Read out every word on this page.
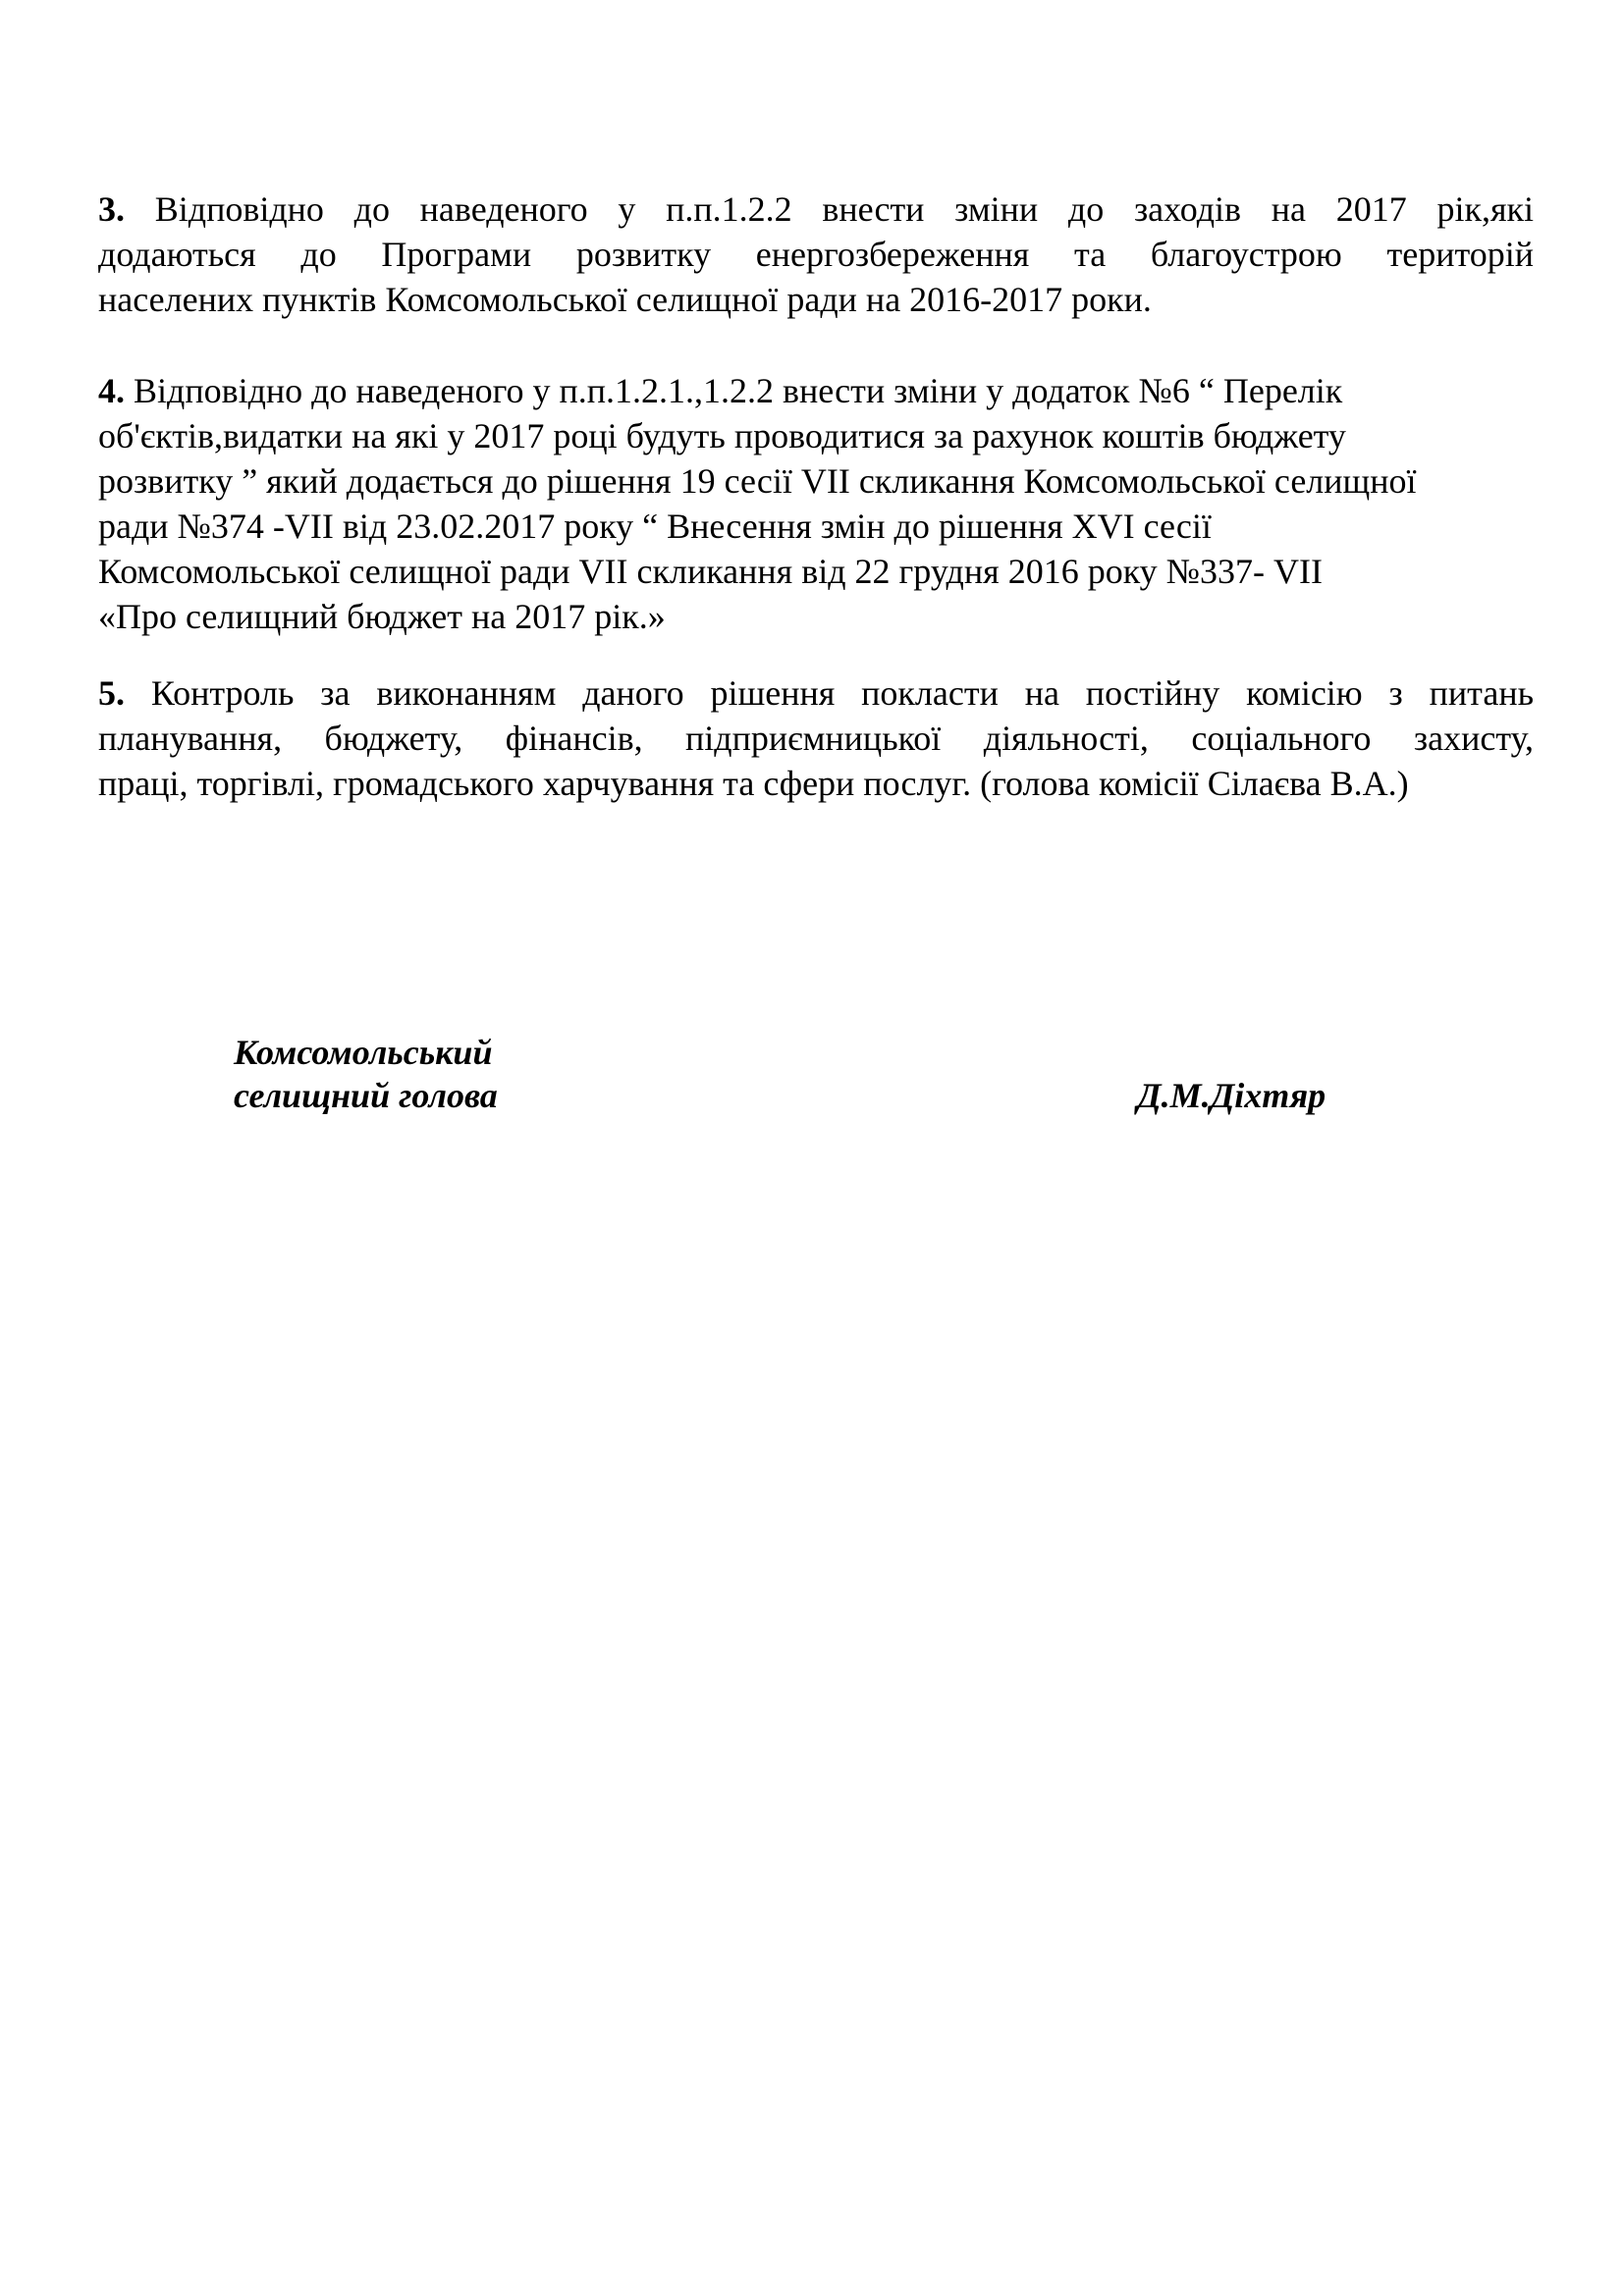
3. Відповідно до наведеного у п.п.1.2.2 внести зміни до заходів на 2017 рік,які
додаються до Програми розвитку енергозбереження та благоустрою територій
населених пунктів Комсомольської селищної ради на 2016-2017 роки.
4. Відповідно до наведеного у п.п.1.2.1.,1.2.2 внести зміни у додаток №6 “ Перелік
об'єктів,видатки на які у 2017 році будуть проводитися за рахунок коштів бюджету
розвитку ” який додається до рішення 19 сесії VII скликання Комсомольської селищної
ради №374 -VII від 23.02.2017 року “ Внесення змін до рішення XVI сесії
Комсомольської селищної ради VII скликання від 22 грудня 2016 року №337- VII
«Про селищний бюджет на 2017 рік.»
5. Контроль за виконанням даного рішення покласти на постійну комісію з питань
планування, бюджету, фінансів, підприємницької діяльності, соціального захисту,
праці, торгівлі, громадського харчування та сфери послуг. (голова комісії Сілаєва В.А.)
Комсомольський
селищний голова	Д.М.Діхтяр
